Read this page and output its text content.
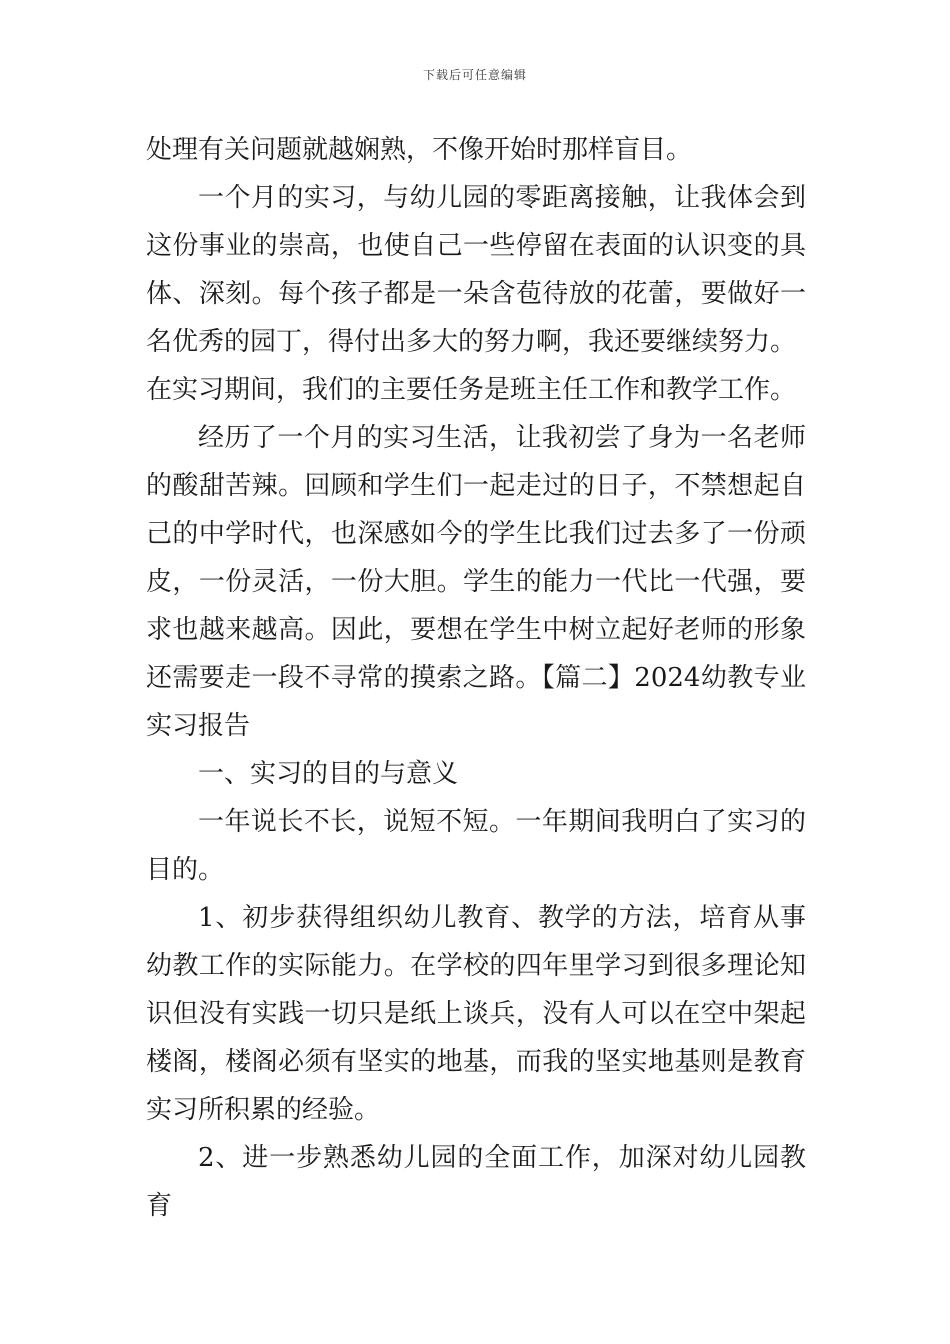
下载后可任意编辑

处理有关问题就越娴熟，不像开始时那样盲目。

一个月的实习，与幼儿园的零距离接触，让我体会到这份事业的崇高，也使自己一些停留在表面的认识变的具体、深刻。每个孩子都是一朵含苞待放的花蕾，要做好一名优秀的园丁，得付出多大的努力啊，我还要继续努力。

在实习期间，我们的主要任务是班主任工作和教学工作。

经历了一个月的实习生活，让我初尝了身为一名老师的酸甜苦辣。回顾和学生们一起走过的日子，不禁想起自己的中学时代，也深感如今的学生比我们过去多了一份顽皮，一份灵活，一份大胆。学生的能力一代比一代强，要求也越来越高。因此，要想在学生中树立起好老师的形象还需要走一段不寻常的摸索之路。【篇二】2024幼教专业实习报告

一、实习的目的与意义

一年说长不长，说短不短。一年期间我明白了实习的目的。

1、初步获得组织幼儿教育、教学的方法，培育从事幼教工作的实际能力。在学校的四年里学习到很多理论知识但没有实践一切只是纸上谈兵，没有人可以在空中架起楼阁，楼阁必须有坚实的地基，而我的坚实地基则是教育实习所积累的经验。

2、进一步熟悉幼儿园的全面工作，加深对幼儿园教育
